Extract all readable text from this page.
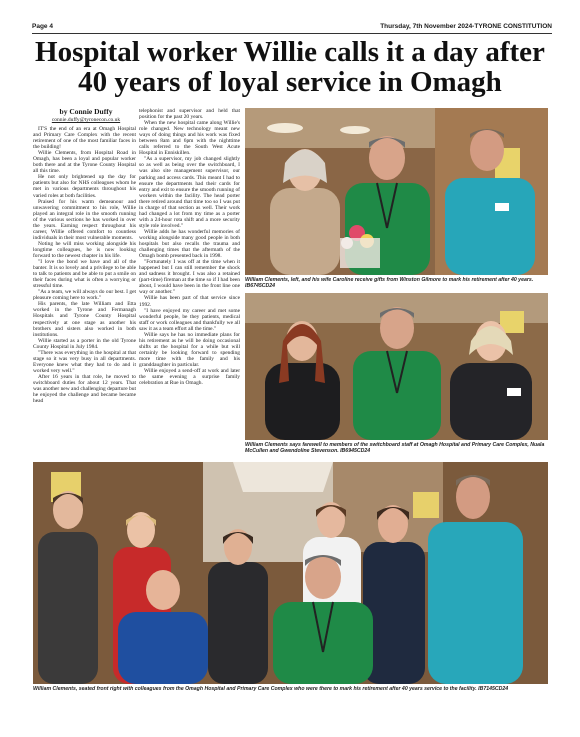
Page 4	Thursday, 7th November 2024-TYRONE CONSTITUTION
Hospital worker Willie calls it a day after 40 years of loyal service in Omagh
by Connie Duffy
connie.duffy@tyronecon.co.uk

IT'S the end of an era at Omagh Hospital and Primary Care Complex with the recent retirement of one of the most familiar faces in the building!

Willie Clements, from Hospital Road in Omagh, has been a loyal and popular worker both there and at the Tyrone County Hospital all this time.

He not only brightened up the day for patients but also for NHS colleagues whom he met in various departments throughout his varied roles at both facilities.

Praised for his warm demeanour and unwavering commitment to his role, Willie played an integral role in the smooth running of the various sections he has worked in over the years. Earning respect throughout his career, Willie offered comfort to countless individuals in their most vulnerable moments.

Noting he will miss working alongside his longtime colleagues, he is now looking forward to the newest chapter in his life.

"I love the bond we have and all of the banter. It is so lovely and a privilege to be able to talk to patients and be able to put a smile on their faces during what is often a worrying or stressful time.

"As a team, we will always do our best. I get pleasure coming here to work."

His parents, the late William and Etta worked in the Tyrone and Fermanagh Hospitals and Tyrone County Hospital respectively at one stage as another his brothers and sisters also worked in both institutions.

Willie started as a porter in the old Tyrone County Hospital in July 1984.

"There was everything in the hospital at that stage so it was very busy in all departments. Everyone knew what they had to do and it worked very well."

After 16 years in that role, he moved to switchboard duties for about 12 years. That was another new and challenging departure but he enjoyed the challenge and became became head

telephonist and supervisor and held that position for the past 20 years.

When the new hospital came along Willie's role changed. New technology meant new ways of doing things and his work was fixed between 8am and 6pm with the nighttime calls referred to the South West Acute Hospital in Enniskillen.

"As a supervisor, my job changed slightly so as well as being over the switchboard, I was also site management supervisor, our parking and access cards. This meant I had to ensure the departments had their cards for entry and exit to ensure the smooth running of workers within the facility. The head porter there retired around that time too so I was put in charge of that section as well. Their work had changed a lot from my time as a porter with a 24-hour rota shift and a more security style role involved."

Willie adds he has wonderful memories of working alongside many good people in both hospitals but also recalls the trauma and challenging times that the aftermath of the Omagh bomb presented back in 1998.

"Fortunately I was off at the time when it happened but I can still remember the shock and sadness it brought. I was also a retained (part-time) fireman at the time so if I had been about, I would have been in the front line one way or another."

Willie has been part of that service since 1992.

"I have enjoyed my career and met some wonderful people, be they patients, medical staff or work colleagues and thankfully we all saw it as a team effort all the time."

Willie says he has no immediate plans for his retirement as he will be doing occasional shifts at the hospital for a while but will certainly be looking forward to spending more time with the family and his granddaughter in particular.

Willie enjoyed a send-off at work and later the same evening a surprise family celebration at Rue in Omagh.

William Clements, left, and his wife Caroline receive gifts from Winston Gilmore to mark his retirement after 40 years. IB6745CD24
William Clements says farewell to members of the switchboard staff at Omagh Hospital and Primary Care Complex, Nuala McCullen and Gwendoline Stevenson. IB6945CD24
William Clements, seated front right with colleagues from the Omagh Hospital and Primary Care Complex who were there to mark his retirement after 40 years service to the facility. IB7145CD24
